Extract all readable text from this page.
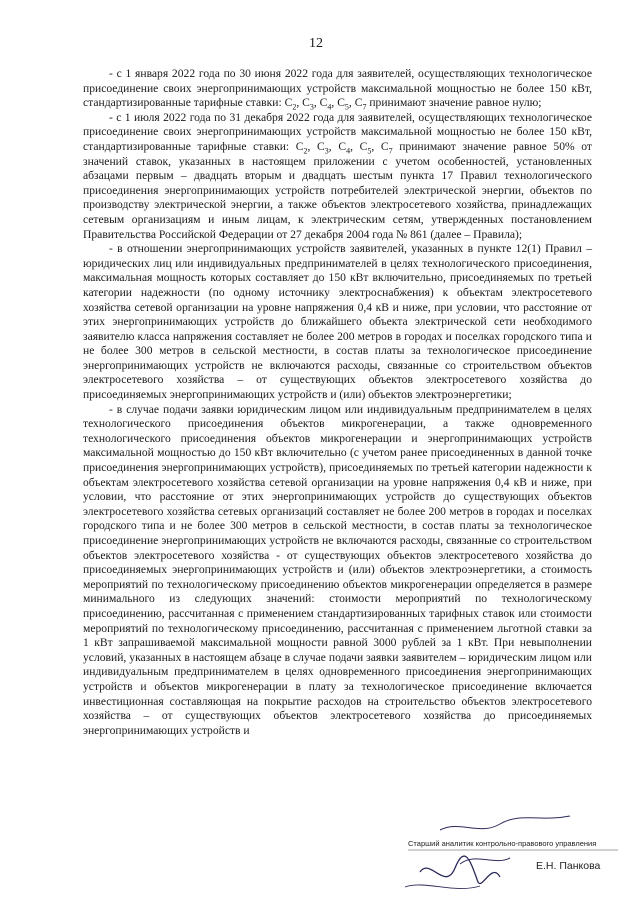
12

- с 1 января 2022 года по 30 июня 2022 года для заявителей, осуществляющих технологическое присоединение своих энергопринимающих устройств максимальной мощностью не более 150 кВт, стандартизированные тарифные ставки: $С_2$, $С_3$, $С_4$, $С_5$, $С_7$ принимают значение равное нулю;

- с 1 июля 2022 года по 31 декабря 2022 года для заявителей, осуществляющих технологическое присоединение своих энергопринимающих устройств максимальной мощностью не более 150 кВт, стандартизированные тарифные ставки: $С_2$, $С_3$, $С_4$, $С_5$, $С_7$ принимают значение равное 50% от значений ставок, указанных в настоящем приложении с учетом особенностей, установленных абзацами первым – двадцать вторым и двадцать шестым пункта 17 Правил технологического присоединения энергопринимающих устройств потребителей электрической энергии, объектов по производству электрической энергии, а также объектов электросетевого хозяйства, принадлежащих сетевым организациям и иным лицам, к электрическим сетям, утвержденных постановлением Правительства Российской Федерации от 27 декабря 2004 года № 861 (далее – Правила);

- в отношении энергопринимающих устройств заявителей, указанных в пункте 12(1) Правил – юридических лиц или индивидуальных предпринимателей в целях технологического присоединения, максимальная мощность которых составляет до 150 кВт включительно, присоединяемых по третьей категории надежности (по одному источнику электроснабжения) к объектам электросетевого хозяйства сетевой организации на уровне напряжения 0,4 кВ и ниже, при условии, что расстояние от этих энергопринимающих устройств до ближайшего объекта электрической сети необходимого заявителю класса напряжения составляет не более 200 метров в городах и поселках городского типа и не более 300 метров в сельской местности, в состав платы за технологическое присоединение энергопринимающих устройств не включаются расходы, связанные со строительством объектов электросетевого хозяйства – от существующих объектов электросетевого хозяйства до присоединяемых энергопринимающих устройств и (или) объектов электроэнергетики;

- в случае подачи заявки юридическим лицом или индивидуальным предпринимателем в целях технологического присоединения объектов микрогенерации, а также одновременного технологического присоединения объектов микрогенерации и энергопринимающих устройств максимальной мощностью до 150 кВт включительно (с учетом ранее присоединенных в данной точке присоединения энергопринимающих устройств), присоединяемых по третьей категории надежности к объектам электросетевого хозяйства сетевой организации на уровне напряжения 0,4 кВ и ниже, при условии, что расстояние от этих энергопринимающих устройств до существующих объектов электросетевого хозяйства сетевых организаций составляет не более 200 метров в городах и поселках городского типа и не более 300 метров в сельской местности, в состав платы за технологическое присоединение энергопринимающих устройств не включаются расходы, связанные со строительством объектов электросетевого хозяйства - от существующих объектов электросетевого хозяйства до присоединяемых энергопринимающих устройств и (или) объектов электроэнергетики, а стоимость мероприятий по технологическому присоединению объектов микрогенерации определяется в размере минимального из следующих значений: стоимости мероприятий по технологическому присоединению, рассчитанная с применением стандартизированных тарифных ставок или стоимости мероприятий по технологическому присоединению, рассчитанная с применением льготной ставки за 1 кВт запрашиваемой максимальной мощности равной 3000 рублей за 1 кВт. При невыполнении условий, указанных в настоящем абзаце в случае подачи заявки заявителем – юридическим лицом или индивидуальным предпринимателем в целях одновременного присоединения энергопринимающих устройств и объектов микрогенерации в плату за технологическое присоединение включается инвестиционная составляющая на покрытие расходов на строительство объектов электросетевого хозяйства – от существующих объектов электросетевого хозяйства до присоединяемых энергопринимающих устройств и

Старший аналитик контрольно-правового управления
Е.Н. Панкова
